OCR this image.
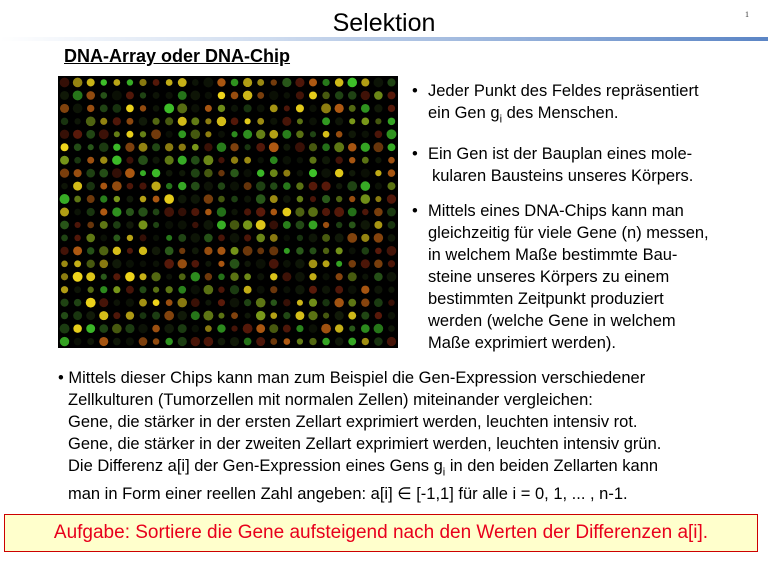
Selektion	1
DNA-Array oder DNA-Chip
• Jeder Punkt des Feldes repräsentiert
ein Gen $g_i$ des Menschen.
• Ein Gen ist der Bauplan eines mole-
kularen Bausteins unseres Körpers.
• Mittels eines DNA-Chips kann man
gleichzeitig für viele Gene (n) messen,
in welchem Maße bestimmte Bau-
steine unseres Körpers zu einem
bestimmten Zeitpunkt produziert
werden (welche Gene in welchem
Maße exprimiert werden).
• Mittels dieser Chips kann man zum Beispiel die Gen-Expression verschiedener
Zellkulturen (Tumorzellen mit normalen Zellen) miteinander vergleichen:
Gene, die stärker in der ersten Zellart exprimiert werden, leuchten intensiv rot.
Gene, die stärker in der zweiten Zellart exprimiert werden, leuchten intensiv grün.
Die Differenz a[i] der Gen-Expression eines Gens $g_i$ in den beiden Zellarten kann
man in Form einer reellen Zahl angeben: a[i] ∈ [-1,1] für alle i = 0, 1, ... , n-1.
Aufgabe: Sortiere die Gene aufsteigend nach den Werten der Differenzen a[i].
